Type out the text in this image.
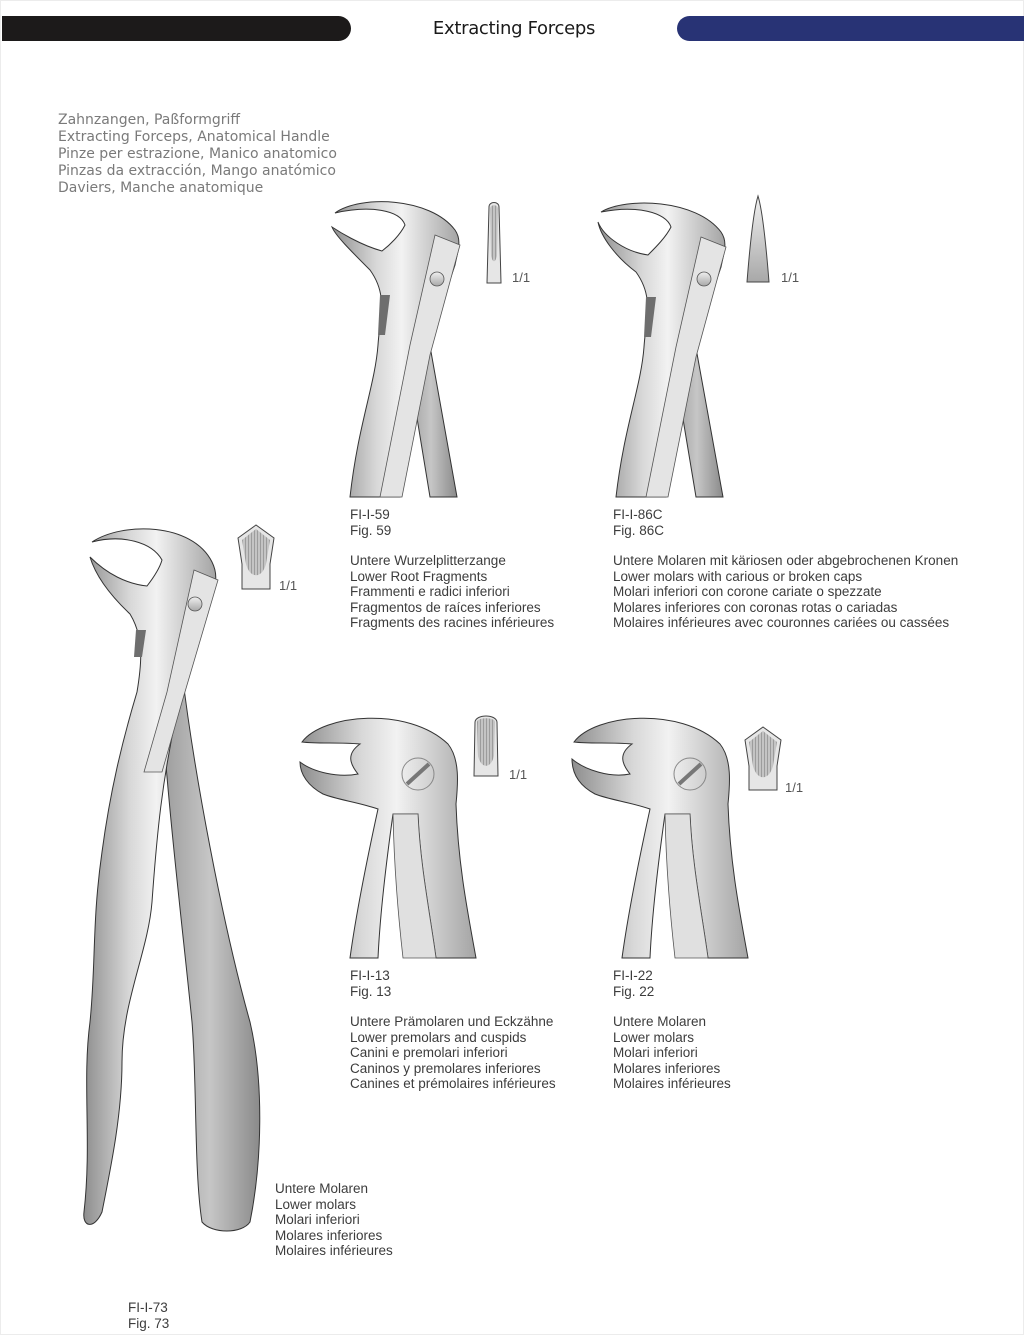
Extracting Forceps
Zahnzangen, Paßformgriff
Extracting Forceps, Anatomical Handle
Pinze per estrazione, Manico anatomico
Pinzas da extracción, Mango anatómico
Daviers, Manche anatomique
1/1
FI-I-59
Fig. 59
Untere Wurzelplitterzange
Lower Root Fragments
Frammenti e radici inferiori
Fragmentos de raíces inferiores
Fragments des racines inférieures
1/1
FI-I-86C
Fig. 86C
Untere Molaren mit käriosen oder abgebrochenen Kronen
Lower molars with carious or broken caps
Molari inferiori con corone cariate o spezzate
Molares inferiores con coronas rotas o cariadas
Molaires inférieures avec couronnes cariées ou cassées
1/1
Untere Molaren
Lower molars
Molari inferiori
Molares inferiores
Molaires inférieures
FI-I-73
Fig. 73
1/1
FI-I-13
Fig. 13
Untere Prämolaren und Eckzähne
Lower premolars and cuspids
Canini e premolari inferiori
Caninos y premolares inferiores
Canines et prémolaires inférieures
1/1
FI-I-22
Fig. 22
Untere Molaren
Lower molars
Molari inferiori
Molares inferiores
Molaires inférieures
